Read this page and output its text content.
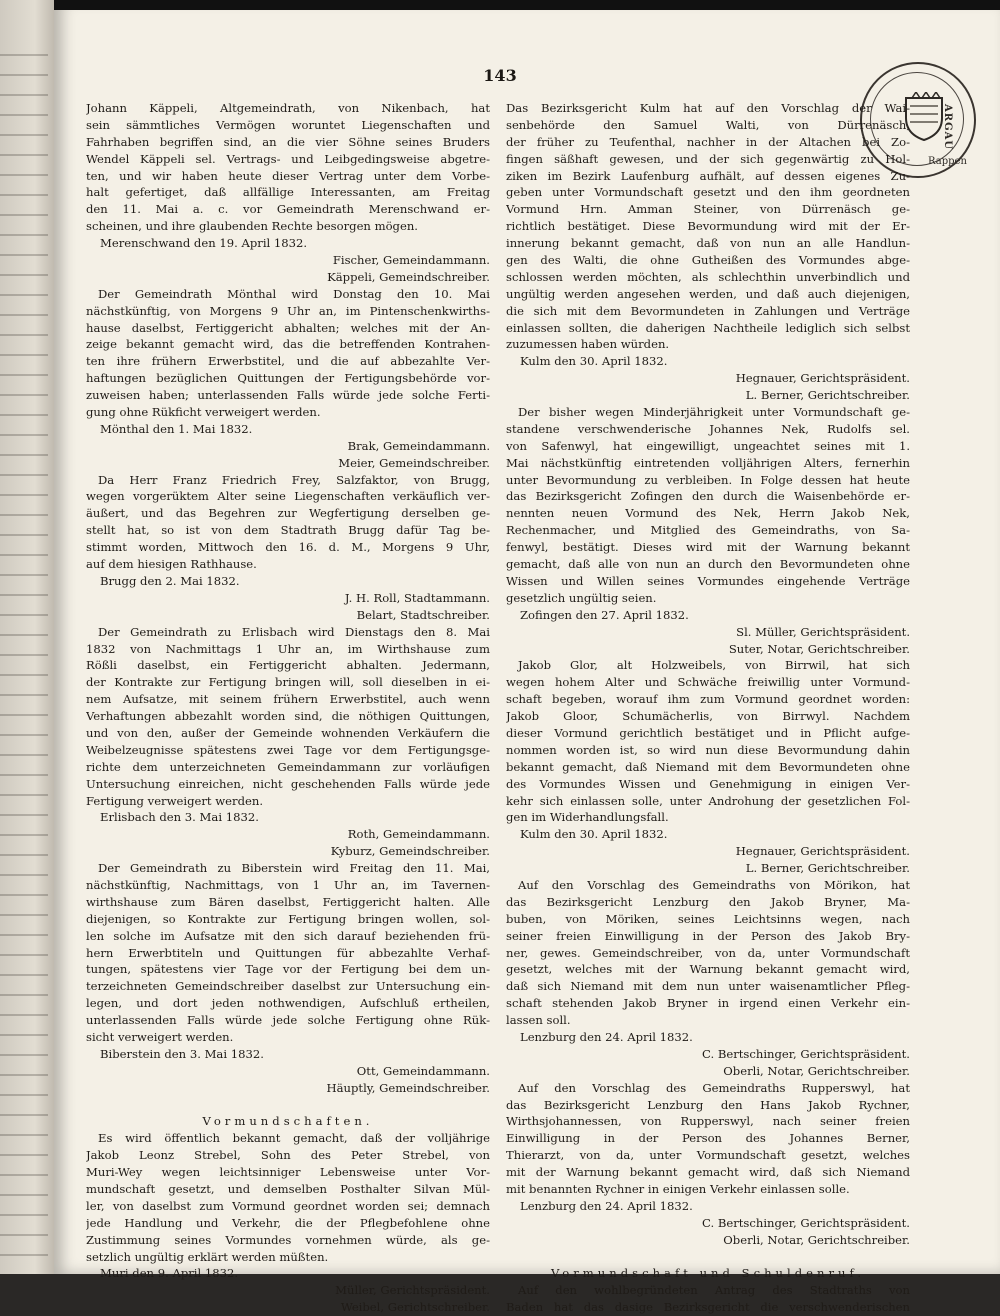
143
ARGAU
Rappen
Johann Käppeli, Altgemeindrath, von Nikenbach, hat
sein sämmtliches Vermögen woruntet Liegenschaften und
Fahrhaben begriffen sind, an die vier Söhne seines Bruders
Wendel Käppeli sel. Vertrags- und Leibgedingsweise abgetre-
ten, und wir haben heute dieser Vertrag unter dem Vorbe-
halt gefertiget, daß allfällige Interessanten, am Freitag
den 11. Mai a. c. vor Gemeindrath Merenschwand er-
scheinen, und ihre glaubenden Rechte besorgen mögen.
Merenschwand den 19. April 1832.
Fischer, Gemeindammann.
Käppeli, Gemeindschreiber.
Der Gemeindrath Mönthal wird Donstag den 10. Mai
nächstkünftig, von Morgens 9 Uhr an, im Pintenschenkwirths-
hause daselbst, Fertiggericht abhalten; welches mit der An-
zeige bekannt gemacht wird, das die betreffenden Kontrahen-
ten ihre frühern Erwerbstitel, und die auf abbezahlte Ver-
haftungen bezüglichen Quittungen der Fertigungsbehörde vor-
zuweisen haben; unterlassenden Falls würde jede solche Ferti-
gung ohne Rükficht verweigert werden.
Mönthal den 1. Mai 1832.
Brak, Gemeindammann.
Meier, Gemeindschreiber.
Da Herr Franz Friedrich Frey, Salzfaktor, von Brugg,
wegen vorgerüktem Alter seine Liegenschaften verkäuflich ver-
äußert, und das Begehren zur Wegfertigung derselben ge-
stellt hat, so ist von dem Stadtrath Brugg dafür Tag be-
stimmt worden, Mittwoch den 16. d. M., Morgens 9 Uhr,
auf dem hiesigen Rathhause.
Brugg den 2. Mai 1832.
J. H. Roll, Stadtammann.
Belart, Stadtschreiber.
Der Gemeindrath zu Erlisbach wird Dienstags den 8. Mai
1832 von Nachmittags 1 Uhr an, im Wirthshause zum
Rößli daselbst, ein Fertiggericht abhalten. Jedermann,
der Kontrakte zur Fertigung bringen will, soll dieselben in ei-
nem Aufsatze, mit seinem frühern Erwerbstitel, auch wenn
Verhaftungen abbezahlt worden sind, die nöthigen Quittungen,
und von den, außer der Gemeinde wohnenden Verkäufern die
Weibelzeugnisse spätestens zwei Tage vor dem Fertigungsge-
richte dem unterzeichneten Gemeindammann zur vorläufigen
Untersuchung einreichen, nicht geschehenden Falls würde jede
Fertigung verweigert werden.
Erlisbach den 3. Mai 1832.
Roth, Gemeindammann.
Kyburz, Gemeindschreiber.
Der Gemeindrath zu Biberstein wird Freitag den 11. Mai,
nächstkünftig, Nachmittags, von 1 Uhr an, im Tavernen-
wirthshause zum Bären daselbst, Fertiggericht halten. Alle
diejenigen, so Kontrakte zur Fertigung bringen wollen, sol-
len solche im Aufsatze mit den sich darauf beziehenden frü-
hern Erwerbtiteln und Quittungen für abbezahlte Verhaf-
tungen, spätestens vier Tage vor der Fertigung bei dem un-
terzeichneten Gemeindschreiber daselbst zur Untersuchung ein-
legen, und dort jeden nothwendigen, Aufschluß ertheilen,
unterlassenden Falls würde jede solche Fertigung ohne Rük-
sicht verweigert werden.
Biberstein den 3. Mai 1832.
Ott, Gemeindammann.
Häuptly, Gemeindschreiber.
Vormundschaften.
Es wird öffentlich bekannt gemacht, daß der volljährige
Jakob Leonz Strebel, Sohn des Peter Strebel, von
Muri-Wey wegen leichtsinniger Lebensweise unter Vor-
mundschaft gesetzt, und demselben Posthalter Silvan Mül-
ler, von daselbst zum Vormund geordnet worden sei; demnach
jede Handlung und Verkehr, die der Pflegbefohlene ohne
Zustimmung seines Vormundes vornehmen würde, als ge-
setzlich ungültig erklärt werden müßten.
Muri den 9. April 1832.
Müller, Gerichtspräsident.
Weibel, Gerichtschreiber.
Das Bezirksgericht Kulm hat auf den Vorschlag der Wai-
senbehörde den Samuel Walti, von Dürrenäsch,
der früher zu Teufenthal, nachher in der Altachen bei Zo-
fingen säßhaft gewesen, und der sich gegenwärtig zu Hol-
ziken im Bezirk Laufenburg aufhält, auf dessen eigenes Zu-
geben unter Vormundschaft gesetzt und den ihm geordneten
Vormund Hrn. Amman Steiner, von Dürrenäsch ge-
richtlich bestätiget. Diese Bevormundung wird mit der Er-
innerung bekannt gemacht, daß von nun an alle Handlun-
gen des Walti, die ohne Gutheißen des Vormundes abge-
schlossen werden möchten, als schlechthin unverbindlich und
ungültig werden angesehen werden, und daß auch diejenigen,
die sich mit dem Bevormundeten in Zahlungen und Verträge
einlassen sollten, die daherigen Nachtheile lediglich sich selbst
zuzumessen haben würden.
Kulm den 30. April 1832.
Hegnauer, Gerichtspräsident.
L. Berner, Gerichtschreiber.
Der bisher wegen Minderjährigkeit unter Vormundschaft ge-
standene verschwenderische Johannes Nek, Rudolfs sel.
von Safenwyl, hat eingewilligt, ungeachtet seines mit 1.
Mai nächstkünftig eintretenden volljährigen Alters, fernerhin
unter Bevormundung zu verbleiben. In Folge dessen hat heute
das Bezirksgericht Zofingen den durch die Waisenbehörde er-
nennten neuen Vormund des Nek, Herrn Jakob Nek,
Rechenmacher, und Mitglied des Gemeindraths, von Sa-
fenwyl, bestätigt. Dieses wird mit der Warnung bekannt
gemacht, daß alle von nun an durch den Bevormundeten ohne
Wissen und Willen seines Vormundes eingehende Verträge
gesetzlich ungültig seien.
Zofingen den 27. April 1832.
Sl. Müller, Gerichtspräsident.
Suter, Notar, Gerichtschreiber.
Jakob Glor, alt Holzweibels, von Birrwil, hat sich
wegen hohem Alter und Schwäche freiwillig unter Vormund-
schaft begeben, worauf ihm zum Vormund geordnet worden:
Jakob Gloor, Schumächerlis, von Birrwyl. Nachdem
dieser Vormund gerichtlich bestätiget und in Pflicht aufge-
nommen worden ist, so wird nun diese Bevormundung dahin
bekannt gemacht, daß Niemand mit dem Bevormundeten ohne
des Vormundes Wissen und Genehmigung in einigen Ver-
kehr sich einlassen solle, unter Androhung der gesetzlichen Fol-
gen im Widerhandlungsfall.
Kulm den 30. April 1832.
Hegnauer, Gerichtspräsident.
L. Berner, Gerichtschreiber.
Auf den Vorschlag des Gemeindraths von Mörikon, hat
das Bezirksgericht Lenzburg den Jakob Bryner, Ma-
buben, von Möriken, seines Leichtsinns wegen, nach
seiner freien Einwilligung in der Person des Jakob Bry-
ner, gewes. Gemeindschreiber, von da, unter Vormundschaft
gesetzt, welches mit der Warnung bekannt gemacht wird,
daß sich Niemand mit dem nun unter waisenamtlicher Pfleg-
schaft stehenden Jakob Bryner in irgend einen Verkehr ein-
lassen soll.
Lenzburg den 24. April 1832.
C. Bertschinger, Gerichtspräsident.
Oberli, Notar, Gerichtschreiber.
Auf den Vorschlag des Gemeindraths Rupperswyl, hat
das Bezirksgericht Lenzburg den Hans Jakob Rychner,
Wirthsjohannessen, von Rupperswyl, nach seiner freien
Einwilligung in der Person des Johannes Berner,
Thierarzt, von da, unter Vormundschaft gesetzt, welches
mit der Warnung bekannt gemacht wird, daß sich Niemand
mit benannten Rychner in einigen Verkehr einlassen solle.
Lenzburg den 24. April 1832.
C. Bertschinger, Gerichtspräsident.
Oberli, Notar, Gerichtschreiber.
Vormundschaft und Schuldenruf.
Auf den wohlbegründeten Antrag des Stadtraths von
Baden hat das dasige Bezirksgericht die verschwenderischen
